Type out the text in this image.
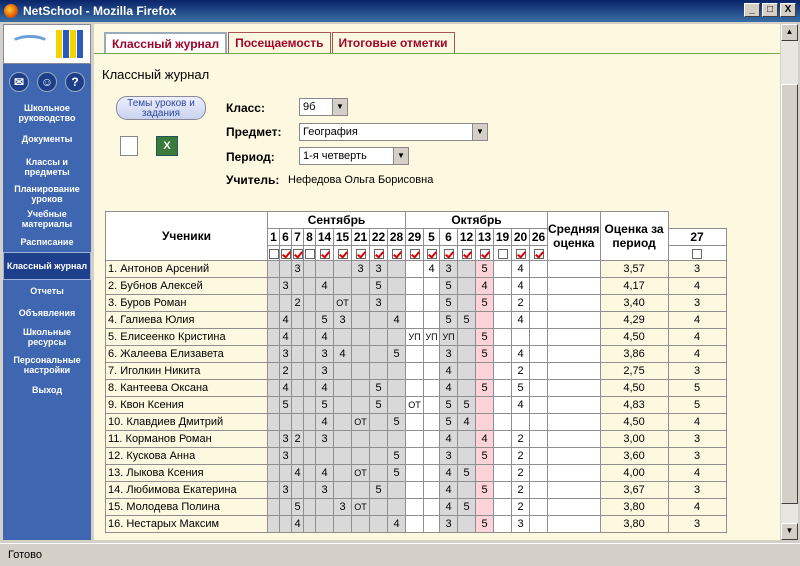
NetSchool - Mozilla Firefox	_	□	X
✉	☺	?
Школьное руководство
Документы
Классы и предметы
Планирование уроков
Учебные материалы
Расписание
Классный журнал
Отчеты
Объявления
Школьные ресурсы
Персональные настройки
Выход
Классный журнал	Посещаемость	Итоговые отметки
Классный журнал
Темы уроков и задания
X
Класс:	9б	▼
Предмет:	География	▼
Период:	1-я четверть	▼
Учитель: Нефедова Ольга Борисовна
Ученики	Сентябрь									Октябрь								Средняя оценка	Оценка за период	
	1	6	7	8	14	15	21	22	28	29	5	6	12	13	19	20	26			27

1. Антонов Арсений			3				3	3			4	3		5		4			3,57	3
2. Бубнов Алексей		3			4			5				5		4		4			4,17	4
3. Буров Роман			2			ОТ		3				5		5		2			3,40	3
4. Галиева Юлия		4			5	3			4			5	5			4			4,29	4
5. Елисеенко Кристина		4			4					УП	УП	УП		5					4,50	4
6. Жалеева Елизавета		3			3	4			5			3		5		4			3,86	4
7. Иголкин Никита		2			3							4				2			2,75	3
8. Кантеева Оксана		4			4			5				4		5		5			4,50	5
9. Квон Ксения		5			5			5		ОТ		5	5			4			4,83	5
10. Клавдиев Дмитрий					4		ОТ		5			5	4						4,50	4
11. Корманов Роман		3	2		3							4		4		2			3,00	3
12. Кускова Анна		3							5			3		5		2			3,60	3
13. Лыкова Ксения			4		4		ОТ		5			4	5			2			4,00	4
14. Любимова Екатерина		3			3			5				4		5		2			3,67	3
15. Молодева Полина			5			3	ОТ					4	5			2			3,80	4
16. Нестарых Максим			4						4			3		5		3			3,80	3
▲
▼
Готово
